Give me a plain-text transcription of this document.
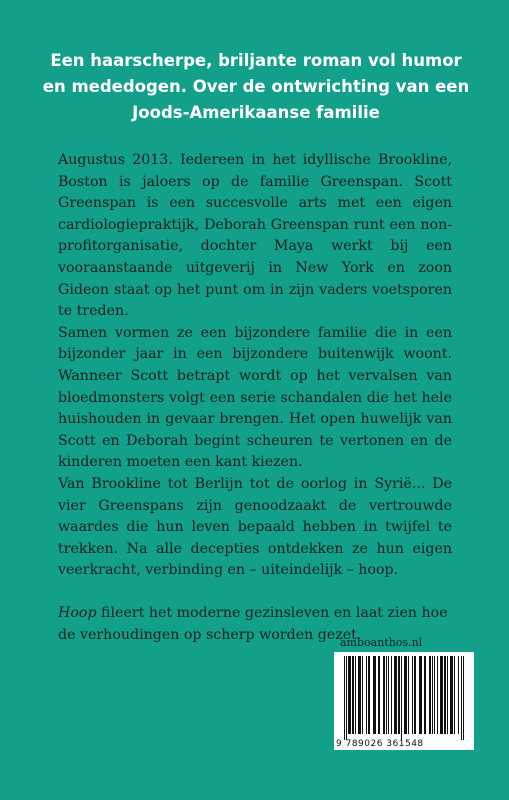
Een haarscherpe, briljante roman vol humor en mededogen. Over de ontwrichting van een Joods-Amerikaanse familie

Augustus 2013. Iedereen in het idyllische Brookline, Boston is jaloers op de familie Greenspan. Scott Greenspan is een succesvolle arts met een eigen cardiologiepraktijk, Deborah Greenspan runt een non-profitorganisatie, dochter Maya werkt bij een vooraanstaande uitgeverij in New York en zoon Gideon staat op het punt om in zijn vaders voetsporen te treden.

Samen vormen ze een bijzondere familie die in een bijzonder jaar in een bijzondere buitenwijk woont. Wanneer Scott betrapt wordt op het vervalsen van bloedmonsters volgt een serie schandalen die het hele huishouden in gevaar brengen. Het open huwelijk van Scott en Deborah begint scheuren te vertonen en de kinderen moeten een kant kiezen.

Van Brookline tot Berlijn tot de oorlog in Syrië... De vier Greenspans zijn genoodzaakt de vertrouwde waardes die hun leven bepaald hebben in twijfel te trekken. Na alle decepties ontdekken ze hun eigen veerkracht, verbinding en – uiteindelijk – hoop.

Hoop fileert het moderne gezinsleven en laat zien hoe de verhoudingen op scherp worden gezet.

amboanthos.nl
9 789026 361548
